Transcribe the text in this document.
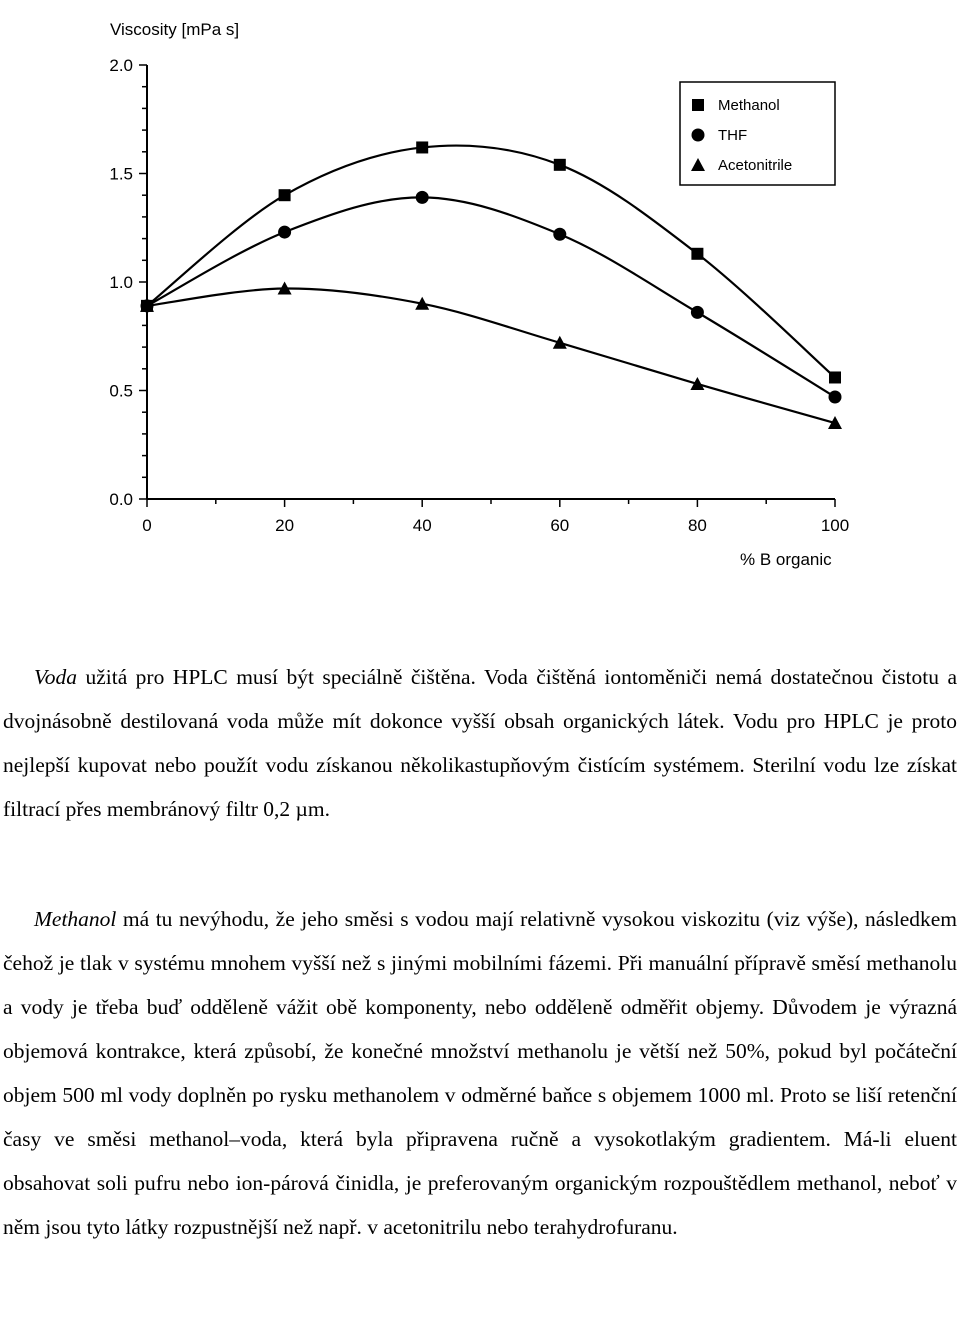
Viscosity [mPa s]
% B organic
0.0
0.5
1.0
1.5
2.0
0	20	40	60	80	100
Methanol
THF
Acetonitrile

Voda užitá pro HPLC musí být speciálně čištěna. Voda čištěná iontoměniči nemá dostatečnou čistotu a dvojnásobně destilovaná voda může mít dokonce vyšší obsah organických látek. Vodu pro HPLC je proto nejlepší kupovat nebo použít vodu získanou několikastupňovým čistícím systémem. Sterilní vodu lze získat filtrací přes membránový filtr 0,2 µm.

Methanol má tu nevýhodu, že jeho směsi s vodou mají relativně vysokou viskozitu (viz výše), následkem čehož je tlak v systému mnohem vyšší než s jinými mobilními fázemi. Při manuální přípravě směsí methanolu a vody je třeba buď odděleně vážit obě komponenty, nebo odděleně odměřit objemy. Důvodem je výrazná objemová kontrakce, která způsobí, že konečné množství methanolu je větší než 50%, pokud byl počáteční objem 500 ml vody doplněn po rysku methanolem v odměrné baňce s objemem 1000 ml. Proto se liší retenční časy ve směsi methanol–voda, která byla připravena ručně a vysokotlakým gradientem. Má-li eluent obsahovat soli pufru nebo ion-párová činidla, je preferovaným organickým rozpouštědlem methanol, neboť v něm jsou tyto látky rozpustnější než např. v acetonitrilu nebo terahydrofuranu.
